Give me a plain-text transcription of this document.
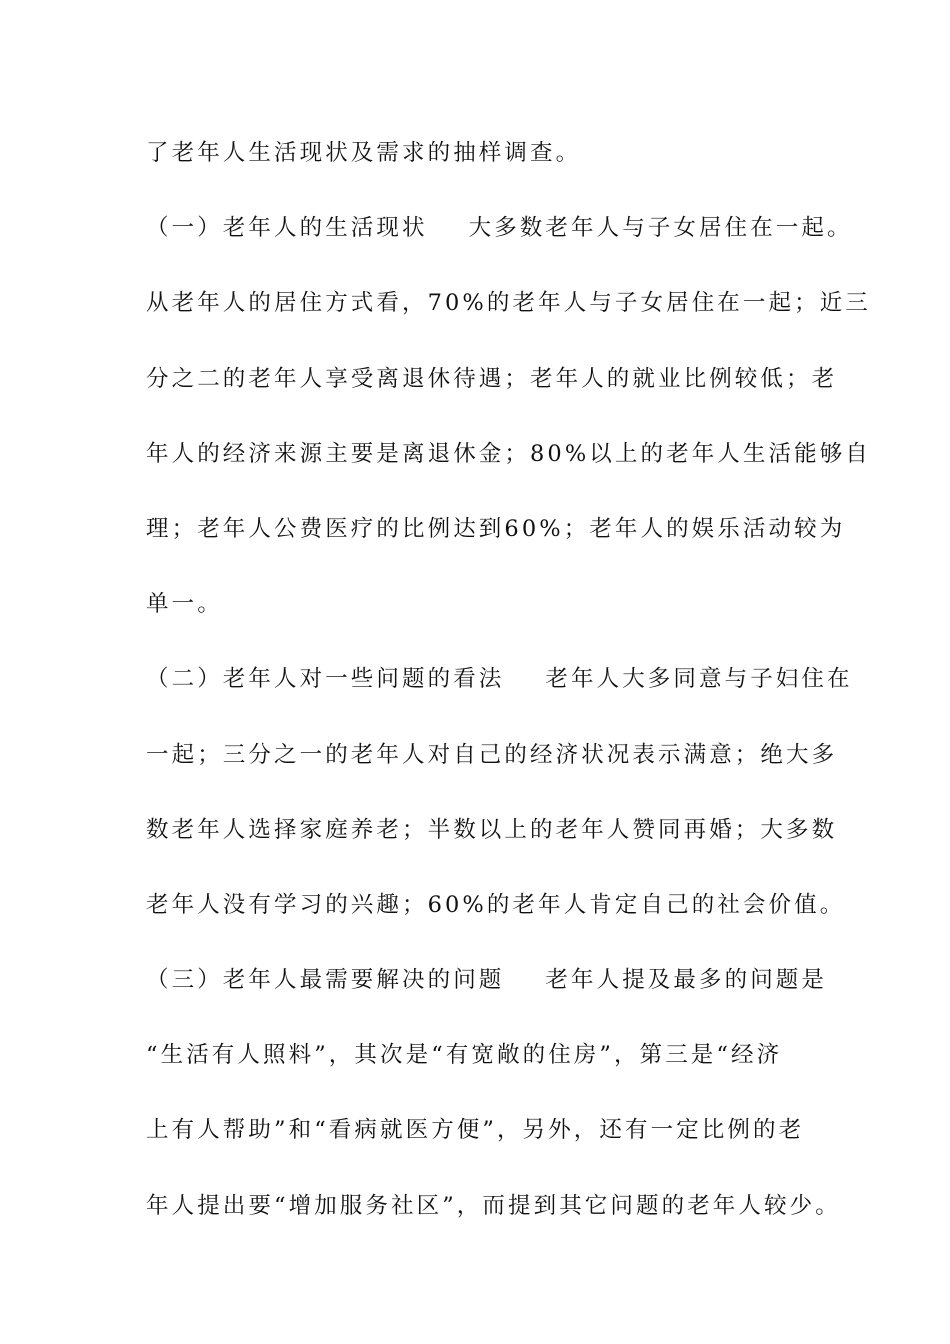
了老年人生活现状及需求的抽样调查。
（一）老年人的生活现状    大多数老年人与子女居住在一起。
从老年人的居住方式看，70%的老年人与子女居住在一起；近三
分之二的老年人享受离退休待遇；老年人的就业比例较低；老
年人的经济来源主要是离退休金；80%以上的老年人生活能够自
理；老年人公费医疗的比例达到60%；老年人的娱乐活动较为
单一。
（二）老年人对一些问题的看法    老年人大多同意与子妇住在
一起；三分之一的老年人对自己的经济状况表示满意；绝大多
数老年人选择家庭养老；半数以上的老年人赞同再婚；大多数
老年人没有学习的兴趣；60%的老年人肯定自己的社会价值。
（三）老年人最需要解决的问题    老年人提及最多的问题是
“生活有人照料”，其次是“有宽敞的住房”，第三是“经济
上有人帮助”和“看病就医方便”，另外，还有一定比例的老
年人提出要“增加服务社区”，而提到其它问题的老年人较少。
